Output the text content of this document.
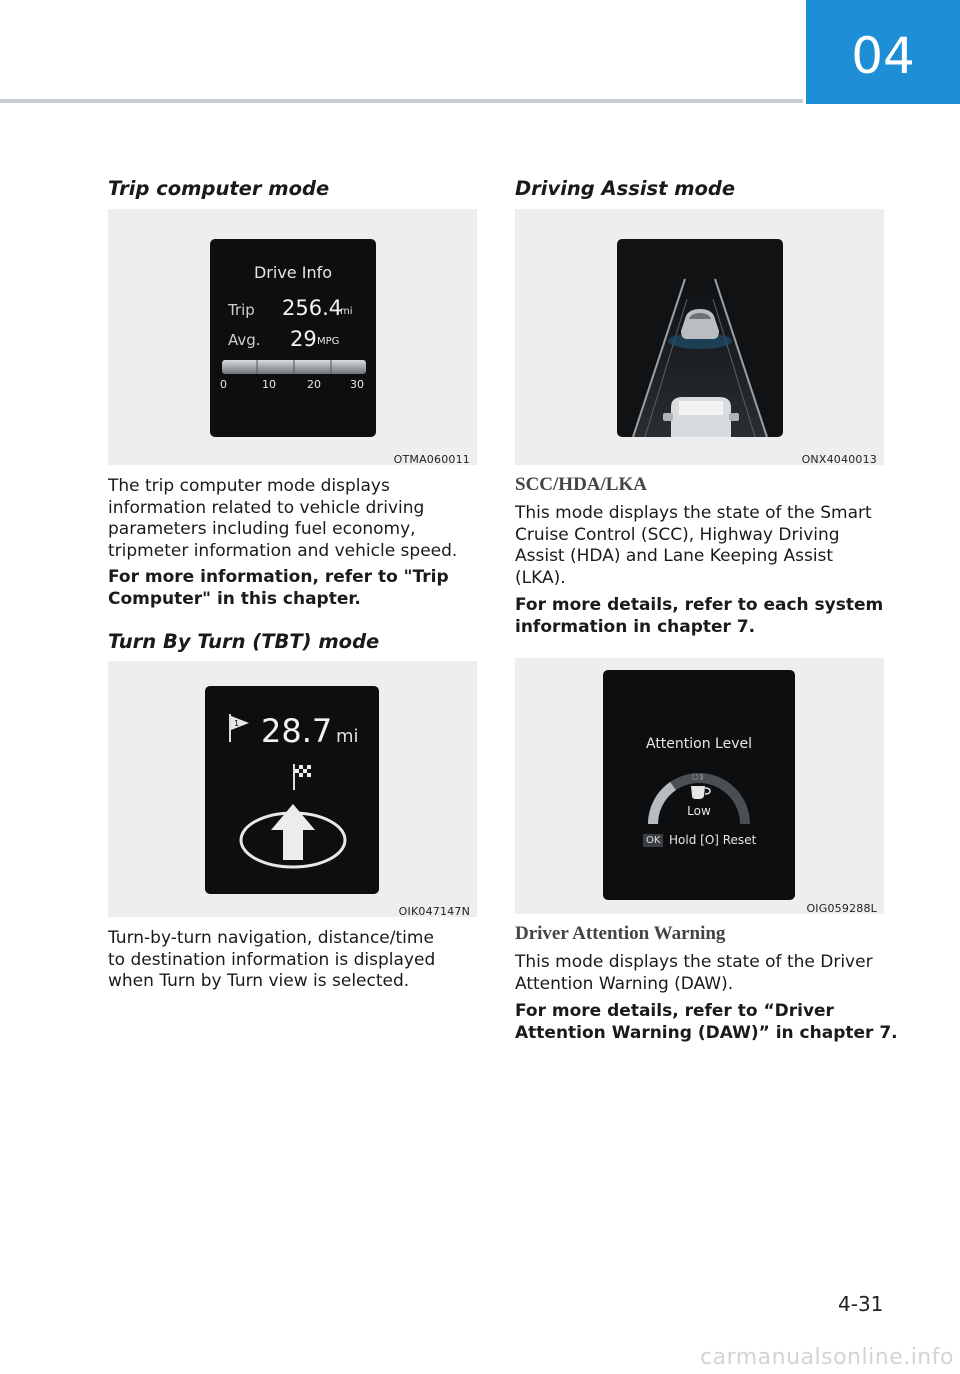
04
Trip computer mode
Drive Info
Trip 256.4
mi
Avg. 29 MPG
0	10	20	30
OTMA060011
The trip computer mode displays
information related to vehicle driving
parameters including fuel economy,
tripmeter information and vehicle speed.
For more information, refer to "Trip
Computer" in this chapter.
Turn By Turn (TBT) mode
1 28.7 mi
OIK047147N
Turn-by-turn navigation, distance/time
to destination information is displayed
when Turn by Turn view is selected.
Driving Assist mode
ONX4040013
SCC/HDA/LKA
This mode displays the state of the Smart
Cruise Control (SCC), Highway Driving
Assist (HDA) and Lane Keeping Assist
(LKA).
For more details, refer to each system
information in chapter 7.
Attention Level
ঃ
Low
OK Hold [O] Reset
OIG059288L
Driver Attention Warning
This mode displays the state of the Driver
Attention Warning (DAW).
For more details, refer to “Driver
Attention Warning (DAW)” in chapter 7.
4-31
carmanualsonline.info
